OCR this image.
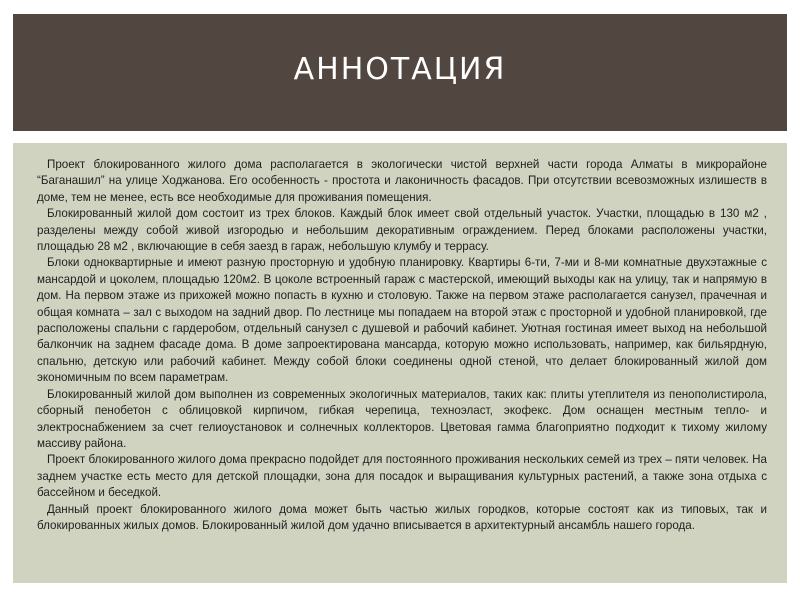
АННОТАЦИЯ

Проект блокированного жилого дома располагается в экологически чистой верхней части города Алматы в микрорайоне “Баганашил” на улице Ходжанова. Его особенность - простота и лаконичность фасадов. При отсутствии всевозможных излишеств в доме, тем не менее, есть все необходимые для проживания помещения.

Блокированный жилой дом состоит из трех блоков. Каждый блок имеет свой отдельный участок. Участки, площадью в 130 м2 , разделены между собой живой изгородью и небольшим декоративным ограждением. Перед блоками расположены участки, площадью 28 м2 , включающие в себя заезд в гараж, небольшую клумбу и террасу.

Блоки одноквартирные и имеют разную просторную и удобную планировку. Квартиры 6-ти, 7-ми и 8-ми комнатные двухэтажные с мансардой и цоколем, площадью 120м2. В цоколе встроенный гараж с мастерской, имеющий выходы как на улицу, так и напрямую в дом. На первом этаже из прихожей можно попасть в кухню и столовую. Также на первом этаже располагается санузел, прачечная и общая комната – зал с выходом на задний двор. По лестнице мы попадаем на второй этаж с просторной и удобной планировкой, где расположены спальни с гардеробом, отдельный санузел с душевой и рабочий кабинет. Уютная гостиная имеет выход на небольшой балкончик на заднем фасаде дома. В доме запроектирована мансарда, которую можно использовать, например, как бильярдную, спальню, детскую или рабочий кабинет. Между собой блоки соединены одной стеной, что делает блокированный жилой дом экономичным по всем параметрам.

Блокированный жилой дом выполнен из современных экологичных материалов, таких как: плиты утеплителя из пенополистирола, сборный пенобетон с облицовкой кирпичом, гибкая черепица, техноэласт, экофекс. Дом оснащен местным тепло- и электроснабжением за счет гелиоустановок и солнечных коллекторов. Цветовая гамма благоприятно подходит к тихому жилому массиву района.

Проект блокированного жилого дома прекрасно подойдет для постоянного проживания нескольких семей из трех – пяти человек. На заднем участке есть место для детской площадки, зона для посадок и выращивания культурных растений, а также зона отдыха с бассейном и беседкой.

Данный проект блокированного жилого дома может быть частью жилых городков, которые состоят как из типовых, так и блокированных жилых домов. Блокированный жилой дом удачно вписывается в архитектурный ансамбль нашего города.
